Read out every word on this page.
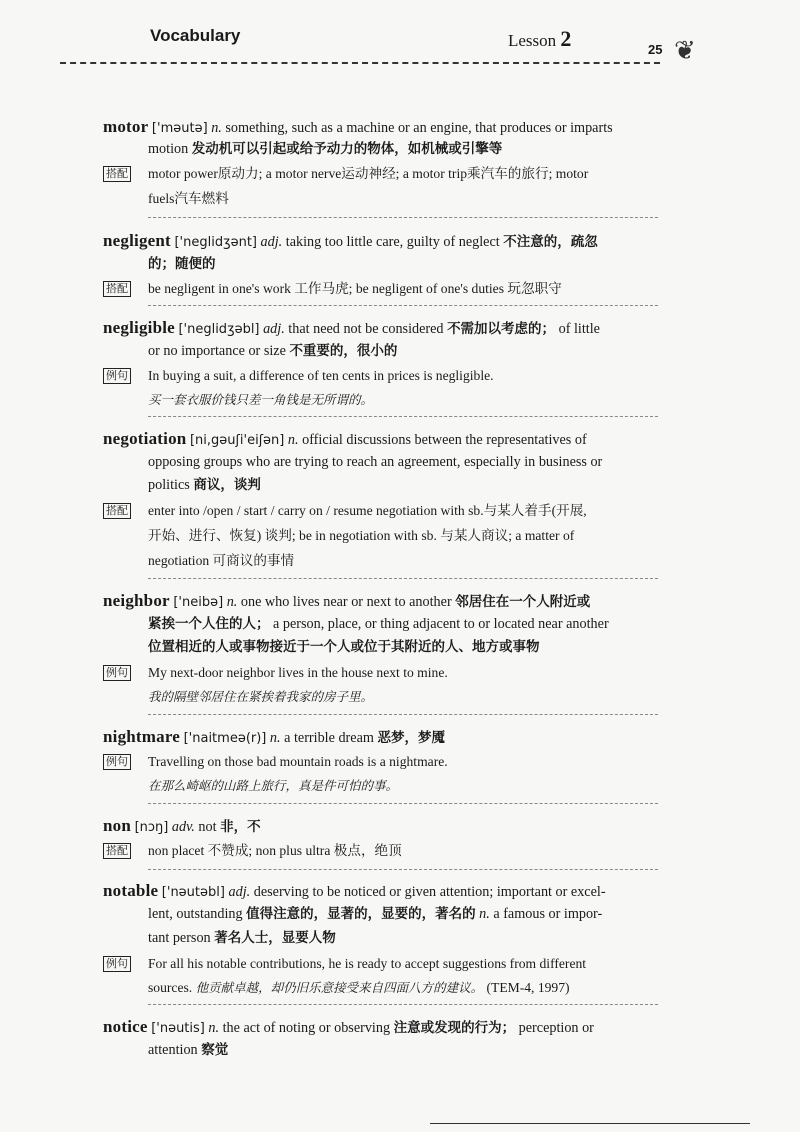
Vocabulary	Lesson 2	25 ❦
motor ['məutə] n. something, such as a machine or an engine, that produces or imparts
motion 发动机可以引起或给予动力的物体，如机械或引擎等
搭配 motor power原动力; a motor nerve运动神经; a motor trip乘汽车的旅行; motor
fuels汽车燃料
negligent ['neglidʒənt] adj. taking too little care, guilty of neglect 不注意的，疏忽
的；随便的
搭配 be negligent in one's work 工作马虎; be negligent of one's duties 玩忽职守
negligible ['neglidʒəbl] adj. that need not be considered 不需加以考虑的； of little
or no importance or size 不重要的，很小的
例句 In buying a suit, a difference of ten cents in prices is negligible.
买一套衣服价钱只差一角钱是无所谓的。
negotiation [ni,gəuʃi'eiʃən] n. official discussions between the representatives of
opposing groups who are trying to reach an agreement, especially in business or
politics 商议，谈判
搭配 enter into /open / start / carry on / resume negotiation with sb.与某人着手(开展,
开始、进行、恢复) 谈判; be in negotiation with sb. 与某人商议; a matter of
negotiation 可商议的事情
neighbor ['neibə] n. one who lives near or next to another 邻居住在一个人附近或
紧挨一个人住的人； a person, place, or thing adjacent to or located near another
位置相近的人或事物接近于一个人或位于其附近的人、地方或事物
例句 My next-door neighbor lives in the house next to mine.
我的隔壁邻居住在紧挨着我家的房子里。
nightmare ['naitmeə(r)] n. a terrible dream 恶梦，梦魇
例句 Travelling on those bad mountain roads is a nightmare.
在那么崎岖的山路上旅行，真是件可怕的事。
non [nɔŋ] adv. not 非，不
搭配 non placet 不赞成; non plus ultra 极点，绝顶
notable ['nəutəbl] adj. deserving to be noticed or given attention; important or excel-
lent, outstanding 值得注意的，显著的，显要的，著名的 n. a famous or impor-
tant person 著名人士，显要人物
例句 For all his notable contributions, he is ready to accept suggestions from different
sources. 他贡献卓越，却仍旧乐意接受来自四面八方的建议。 (TEM-4, 1997)
notice ['nəutis] n. the act of noting or observing 注意或发现的行为； perception or
attention 察觉
